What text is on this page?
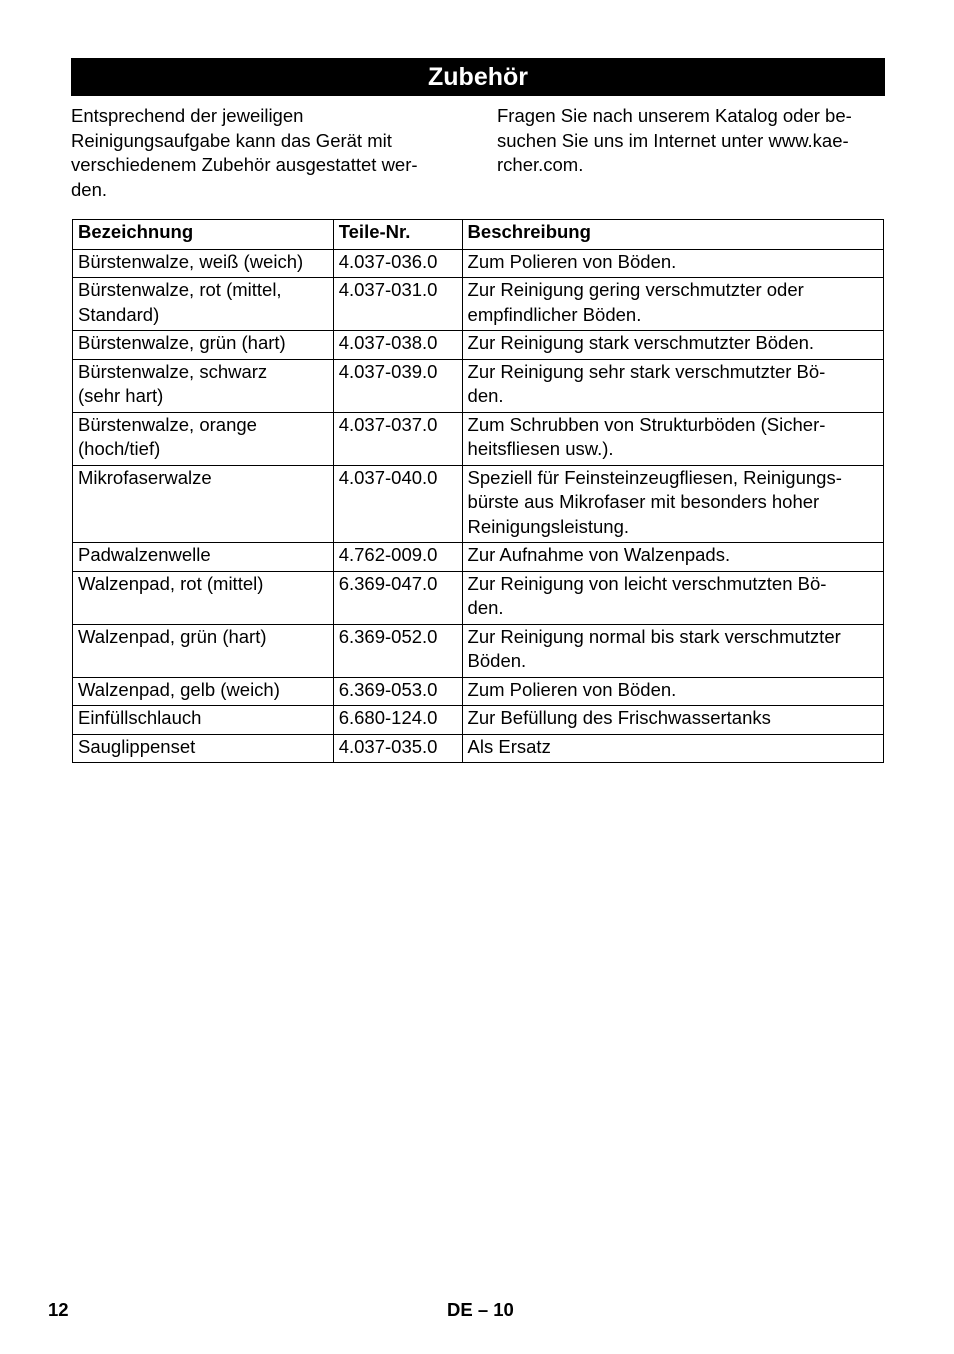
Zubehör
Entsprechend der jeweiligen
Reinigungsaufgabe kann das Gerät mit
verschiedenem Zubehör ausgestattet wer-
den.
Fragen Sie nach unserem Katalog oder be-
suchen Sie uns im Internet unter www.kae-
rcher.com.
Bezeichnung	Teile-Nr.	Beschreibung
Bürstenwalze, weiß (weich)	4.037-036.0	Zum Polieren von Böden.
Bürstenwalze, rot (mittel,
Standard)	4.037-031.0	Zur Reinigung gering verschmutzter oder
empfindlicher Böden.
Bürstenwalze, grün (hart)	4.037-038.0	Zur Reinigung stark verschmutzter Böden.
Bürstenwalze, schwarz
(sehr hart)	4.037-039.0	Zur Reinigung sehr stark verschmutzter Bö-
den.
Bürstenwalze, orange
(hoch/tief)	4.037-037.0	Zum Schrubben von Strukturböden (Sicher-
heitsfliesen usw.).
Mikrofaserwalze	4.037-040.0	Speziell für Feinsteinzeugfliesen, Reinigungs-
bürste aus Mikrofaser mit besonders hoher
Reinigungsleistung.
Padwalzenwelle	4.762-009.0	Zur Aufnahme von Walzenpads.
Walzenpad, rot (mittel)	6.369-047.0	Zur Reinigung von leicht verschmutzten Bö-
den.
Walzenpad, grün (hart)	6.369-052.0	Zur Reinigung normal bis stark verschmutzter
Böden.
Walzenpad, gelb (weich)	6.369-053.0	Zum Polieren von Böden.
Einfüllschlauch	6.680-124.0	Zur Befüllung des Frischwassertanks
Sauglippenset	4.037-035.0	Als Ersatz
12	DE – 10
